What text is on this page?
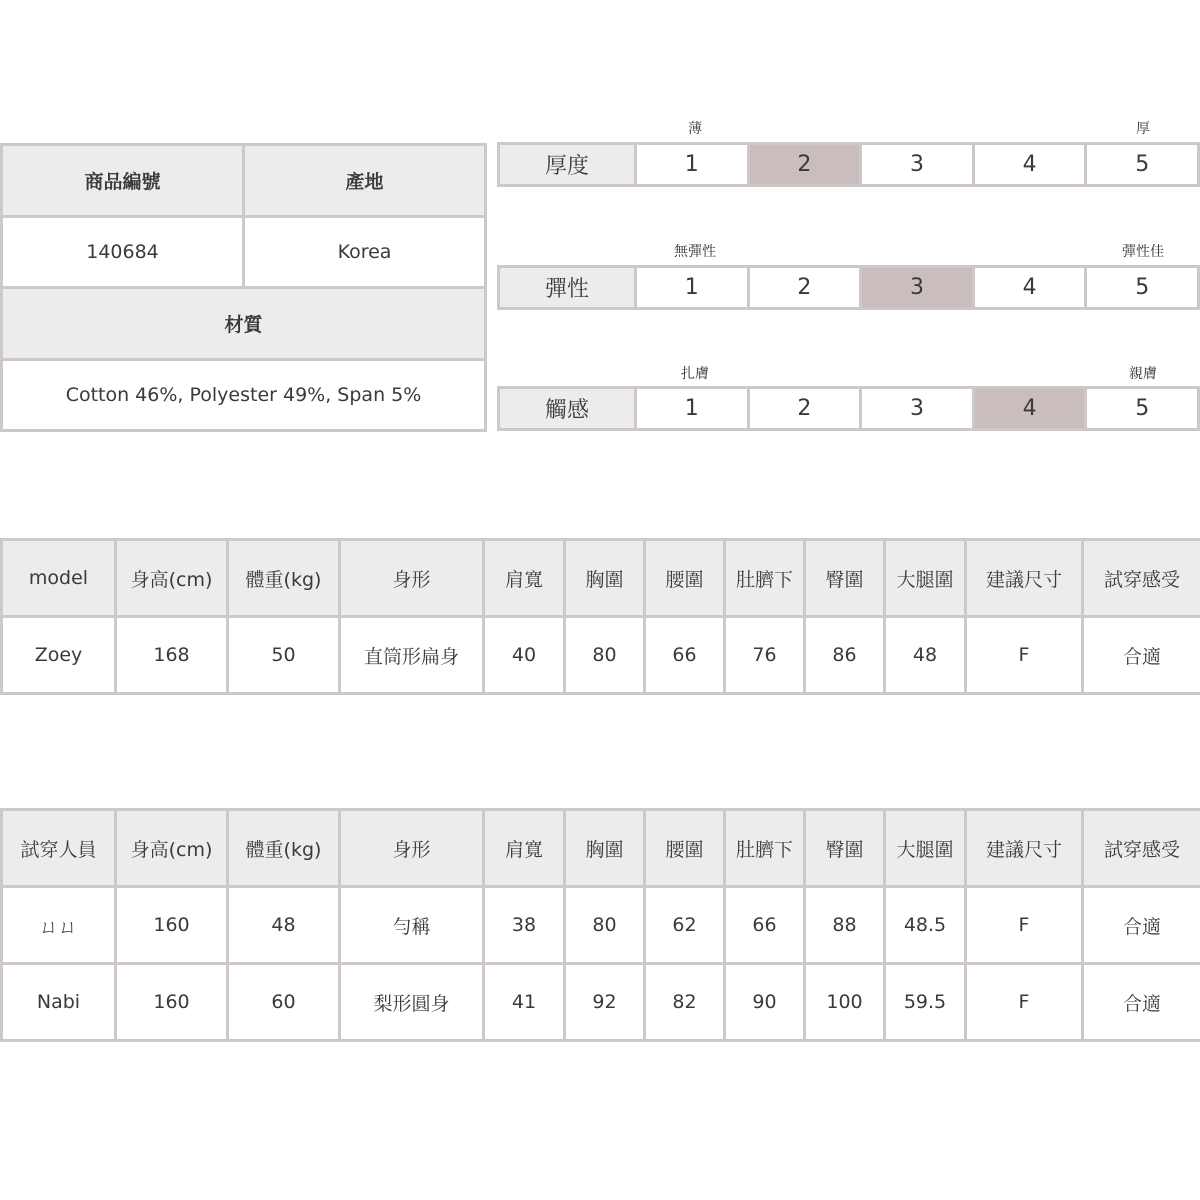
商品編號	產地
140684	Korea
材質	
Cotton 46%, Polyester 49%, Span 5%	
薄	厚
厚度	1	2	3	4	5
無彈性	彈性佳
彈性	1	2	3	4	5
扎膚	親膚
觸感	1	2	3	4	5
model	身高(cm)	體重(kg)	身形	肩寬	胸圍	腰圍	肚臍下	臀圍	大腿圍	建議尺寸	試穿感受
Zoey	168	50	直筒形扁身	40	80	66	76	86	48	F	合適
試穿人員	身高(cm)	體重(kg)	身形	肩寬	胸圍	腰圍	肚臍下	臀圍	大腿圍	建議尺寸	試穿感受
ㄩㄩ	160	48	勻稱	38	80	62	66	88	48.5	F	合適
Nabi	160	60	梨形圓身	41	92	82	90	100	59.5	F	合適
